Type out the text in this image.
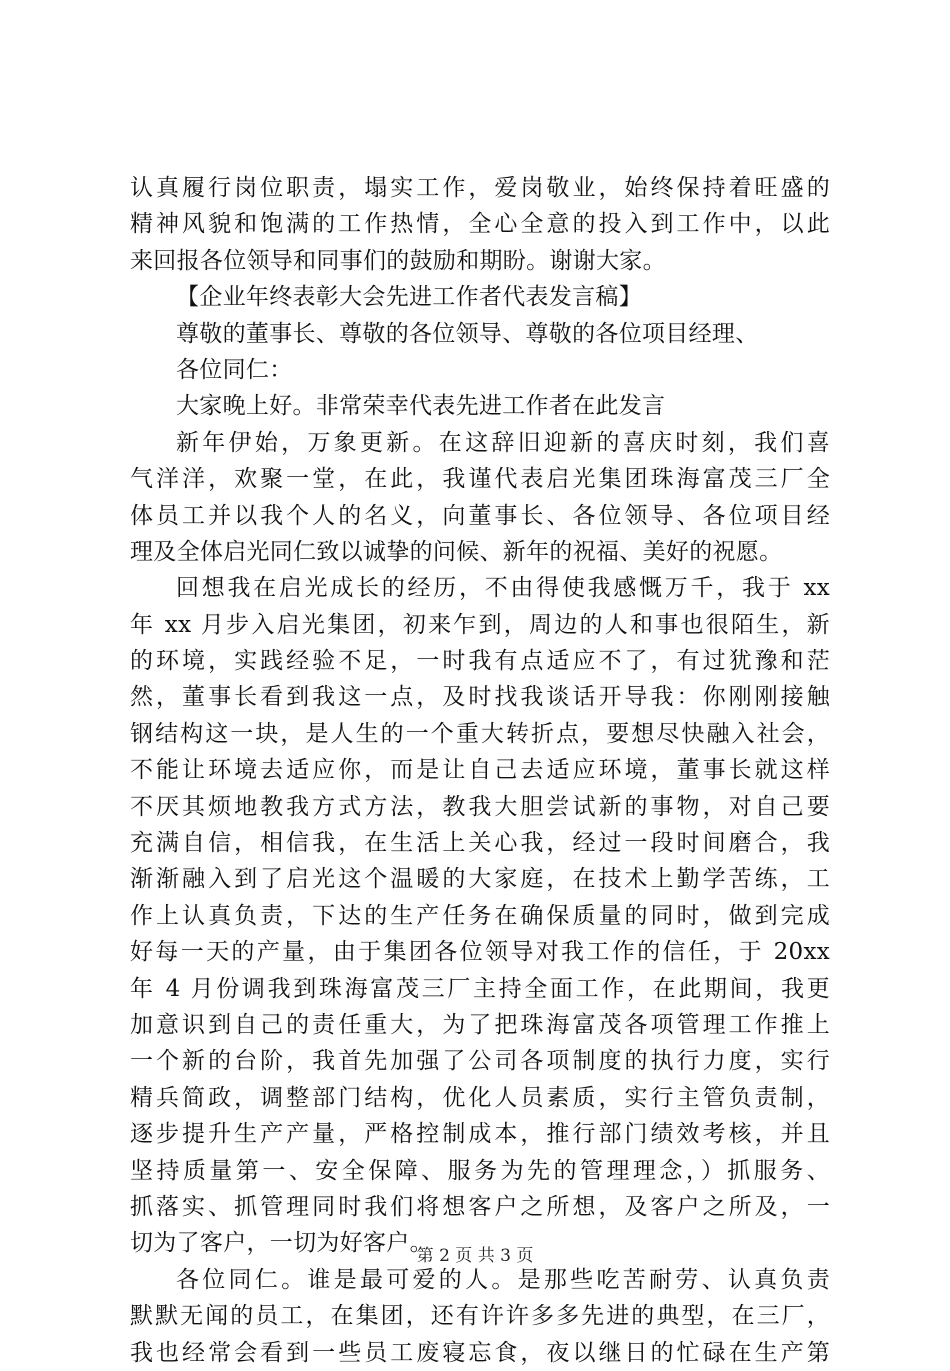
认真履行岗位职责，塌实工作，爱岗敬业，始终保持着旺盛的
精神风貌和饱满的工作热情，全心全意的投入到工作中，以此
来回报各位领导和同事们的鼓励和期盼。谢谢大家。
【企业年终表彰大会先进工作者代表发言稿】
尊敬的董事长、尊敬的各位领导、尊敬的各位项目经理、
各位同仁：
大家晚上好。非常荣幸代表先进工作者在此发言
新年伊始，万象更新。在这辞旧迎新的喜庆时刻，我们喜
气洋洋，欢聚一堂，在此，我谨代表启光集团珠海富茂三厂全
体员工并以我个人的名义，向董事长、各位领导、各位项目经
理及全体启光同仁致以诚挚的问候、新年的祝福、美好的祝愿。
回想我在启光成长的经历，不由得使我感慨万千，我于 xx
年 xx 月步入启光集团，初来乍到，周边的人和事也很陌生，新
的环境，实践经验不足，一时我有点适应不了，有过犹豫和茫
然，董事长看到我这一点，及时找我谈话开导我：你刚刚接触
钢结构这一块，是人生的一个重大转折点，要想尽快融入社会，
不能让环境去适应你，而是让自己去适应环境，董事长就这样
不厌其烦地教我方式方法，教我大胆尝试新的事物，对自己要
充满自信，相信我，在生活上关心我，经过一段时间磨合，我
渐渐融入到了启光这个温暖的大家庭，在技术上勤学苦练，工
作上认真负责，下达的生产任务在确保质量的同时，做到完成
好每一天的产量，由于集团各位领导对我工作的信任，于 20xx
年 4 月份调我到珠海富茂三厂主持全面工作，在此期间，我更
加意识到自己的责任重大，为了把珠海富茂各项管理工作推上
一个新的台阶，我首先加强了公司各项制度的执行力度，实行
精兵简政，调整部门结构，优化人员素质，实行主管负责制，
逐步提升生产产量，严格控制成本，推行部门绩效考核，并且
坚持质量第一、安全保障、服务为先的管理理念，）抓服务、
抓落实、抓管理同时我们将想客户之所想，及客户之所及，一
切为了客户，一切为好客户。
各位同仁。谁是最可爱的人。是那些吃苦耐劳、认真负责
默默无闻的员工，在集团，还有许许多多先进的典型，在三厂，
我也经常会看到一些员工废寝忘食，夜以继日的忙碌在生产第
第 2 页 共 3 页
